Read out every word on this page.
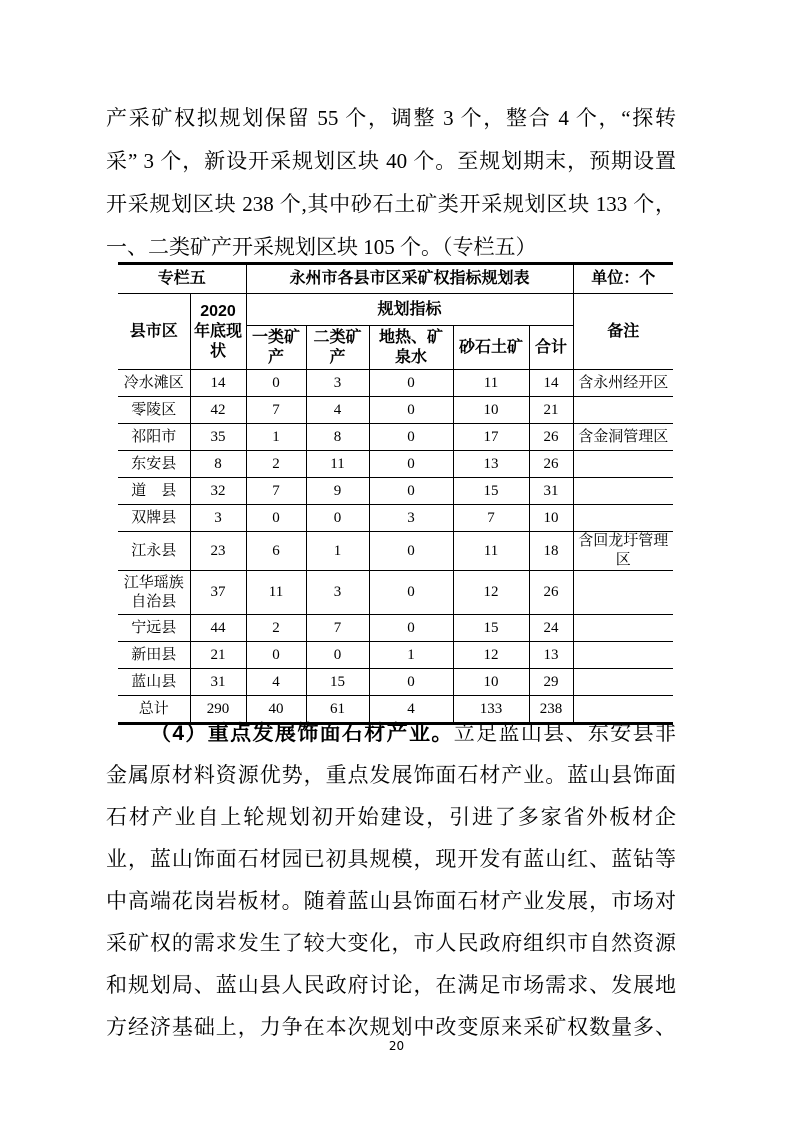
产采矿权拟规划保留 55 个，调整 3 个，整合 4 个，“探转
采” 3 个，新设开采规划区块 40 个。至规划期末，预期设置
开采规划区块 238 个,其中砂石土矿类开采规划区块 133 个，
一、二类矿产开采规划区块 105 个。（专栏五）
专栏五		永州市各县市区采矿权指标规划表					单位：个
县市区	2020 年底现状	规划指标					备注
		一类矿产	二类矿产	地热、矿泉水	砂石土矿	合计	
冷水滩区	14	0	3	0	11	14	含永州经开区
零陵区	42	7	4	0	10	21	
祁阳市	35	1	8	0	17	26	含金洞管理区
东安县	8	2	11	0	13	26	
道　县	32	7	9	0	15	31	
双牌县	3	0	0	3	7	10	
江永县	23	6	1	0	11	18	含回龙圩管理区
江华瑶族自治县	37	11	3	0	12	26	
宁远县	44	2	7	0	15	24	
新田县	21	0	0	1	12	13	
蓝山县	31	4	15	0	10	29	
总计	290	40	61	4	133	238	
（4）重点发展饰面石材产业。立足蓝山县、东安县非
金属原材料资源优势，重点发展饰面石材产业。蓝山县饰面
石材产业自上轮规划初开始建设，引进了多家省外板材企
业，蓝山饰面石材园已初具规模，现开发有蓝山红、蓝钻等
中高端花岗岩板材。随着蓝山县饰面石材产业发展，市场对
采矿权的需求发生了较大变化，市人民政府组织市自然资源
和规划局、蓝山县人民政府讨论，在满足市场需求、发展地
方经济基础上，力争在本次规划中改变原来采矿权数量多、
20
